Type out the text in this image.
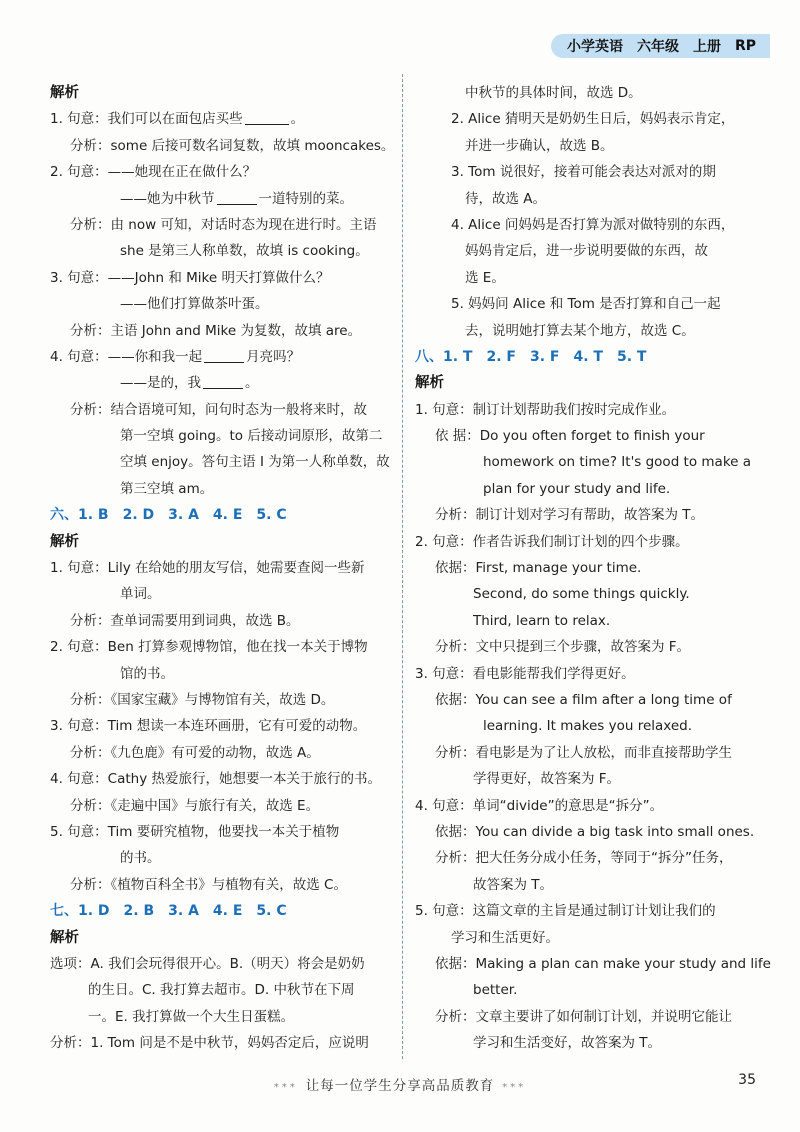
小学英语 六年级 上册 RP
解析
1. 句意：我们可以在面包店买些	。
分析：some 后接可数名词复数，故填 mooncakes。
2. 句意：——她现在正在做什么？
——她为中秋节	一道特别的菜。
分析：由 now 可知，对话时态为现在进行时。主语
she 是第三人称单数，故填 is cooking。
3. 句意：——John 和 Mike 明天打算做什么？
——他们打算做茶叶蛋。
分析：主语 John and Mike 为复数，故填 are。
4. 句意：——你和我一起	月亮吗？
——是的，我	。
分析：结合语境可知，问句时态为一般将来时，故
第一空填 going。to 后接动词原形，故第二
空填 enjoy。答句主语 I 为第一人称单数，故
第三空填 am。
六、1. B　2. D　3. A　4. E　5. C
解析
1. 句意：Lily 在给她的朋友写信，她需要查阅一些新
单词。
分析：查单词需要用到词典，故选 B。
2. 句意：Ben 打算参观博物馆，他在找一本关于博物
馆的书。
分析：《国家宝藏》与博物馆有关，故选 D。
3. 句意：Tim 想读一本连环画册，它有可爱的动物。
分析：《九色鹿》有可爱的动物，故选 A。
4. 句意：Cathy 热爱旅行，她想要一本关于旅行的书。
分析：《走遍中国》与旅行有关，故选 E。
5. 句意：Tim 要研究植物，他要找一本关于植物
的书。
分析：《植物百科全书》与植物有关，故选 C。
七、1. D　2. B　3. A　4. E　5. C
解析
选项：A. 我们会玩得很开心。B.（明天）将会是奶奶
的生日。C. 我打算去超市。D. 中秋节在下周
一。E. 我打算做一个大生日蛋糕。
分析：1. Tom 问是不是中秋节，妈妈否定后，应说明
中秋节的具体时间，故选 D。
2. Alice 猜明天是奶奶生日后，妈妈表示肯定，
并进一步确认，故选 B。
3. Tom 说很好，接着可能会表达对派对的期
待，故选 A。
4. Alice 问妈妈是否打算为派对做特别的东西，
妈妈肯定后，进一步说明要做的东西，故
选 E。
5. 妈妈问 Alice 和 Tom 是否打算和自己一起
去，说明她打算去某个地方，故选 C。
八、1. T　2. F　3. F　4. T　5. T
解析
1. 句意：制订计划帮助我们按时完成作业。
依 据：Do you often forget to finish your
homework on time? It's good to make a
plan for your study and life.
分析：制订计划对学习有帮助，故答案为 T。
2. 句意：作者告诉我们制订计划的四个步骤。
依据：First, manage your time.
Second, do some things quickly.
Third, learn to relax.
分析：文中只提到三个步骤，故答案为 F。
3. 句意：看电影能帮我们学得更好。
依据：You can see a film after a long time of
learning. It makes you relaxed.
分析：看电影是为了让人放松，而非直接帮助学生
学得更好，故答案为 F。
4. 句意：单词“divide”的意思是“拆分”。
依据：You can divide a big task into small ones.
分析：把大任务分成小任务，等同于“拆分”任务，
故答案为 T。
5. 句意：这篇文章的主旨是通过制订计划让我们的
学习和生活更好。
依据：Making a plan can make your study and life
better.
分析：文章主要讲了如何制订计划，并说明它能让
学习和生活变好，故答案为 T。
*** 让每一位学生分享高品质教育 ***	35
